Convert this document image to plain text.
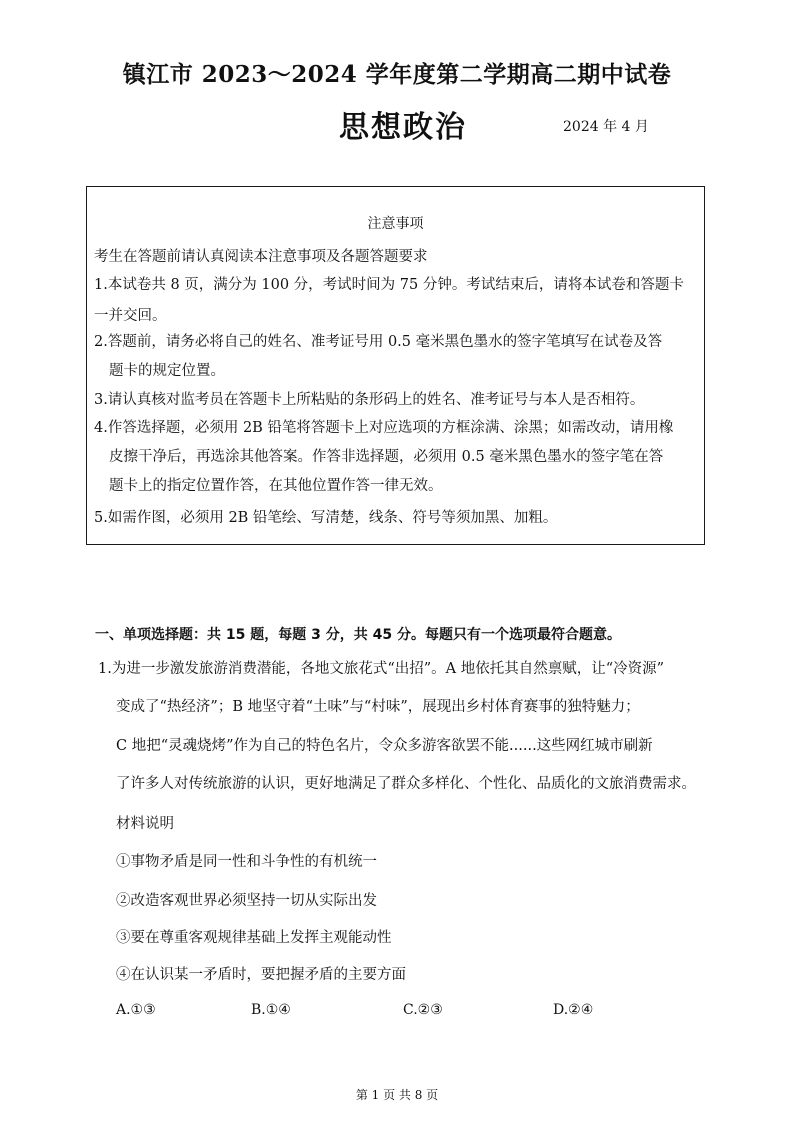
镇江市 2023～2024 学年度第二学期高二期中试卷
思想政治	2024 年 4 月
注意事项
考生在答题前请认真阅读本注意事项及各题答题要求
1.本试卷共 8 页，满分为 100 分，考试时间为 75 分钟。考试结束后，请将本试卷和答题卡
一并交回。
2.答题前，请务必将自己的姓名、准考证号用 0.5 毫米黑色墨水的签字笔填写在试卷及答
题卡的规定位置。
3.请认真核对监考员在答题卡上所粘贴的条形码上的姓名、准考证号与本人是否相符。
4.作答选择题，必须用 2B 铅笔将答题卡上对应选项的方框涂满、涂黑；如需改动，请用橡
皮擦干净后，再选涂其他答案。作答非选择题，必须用 0.5 毫米黑色墨水的签字笔在答
题卡上的指定位置作答，在其他位置作答一律无效。
5.如需作图，必须用 2B 铅笔绘、写清楚，线条、符号等须加黑、加粗。
一、单项选择题：共 15 题，每题 3 分，共 45 分。每题只有一个选项最符合题意。
1.为进一步激发旅游消费潜能，各地文旅花式“出招”。A 地依托其自然禀赋，让“冷资源”
变成了“热经济”；B 地坚守着“土味”与“村味”，展现出乡村体育赛事的独特魅力；
C 地把“灵魂烧烤”作为自己的特色名片，令众多游客欲罢不能......这些网红城市刷新
了许多人对传统旅游的认识，更好地满足了群众多样化、个性化、品质化的文旅消费需求。
材料说明
①事物矛盾是同一性和斗争性的有机统一
②改造客观世界必须坚持一切从实际出发
③要在尊重客观规律基础上发挥主观能动性
④在认识某一矛盾时，要把握矛盾的主要方面
A.①③	B.①④	C.②③	D.②④
第 1 页 共 8 页
